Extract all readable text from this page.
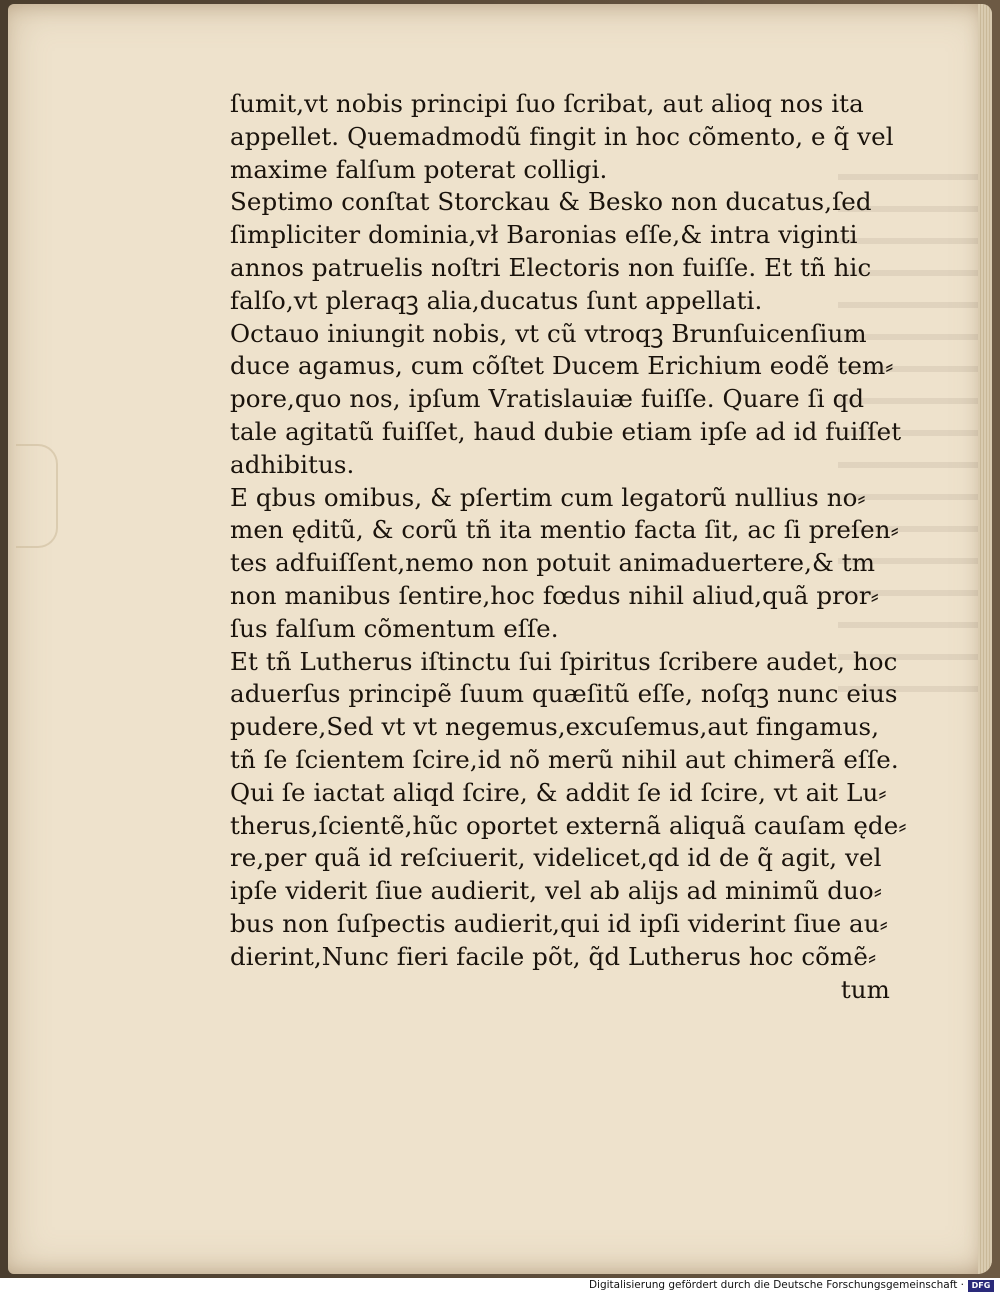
ſumit,vt nobis principi ſuo ſcribat, aut alioq nos ita
appellet. Quemadmodũ fingit in hoc cõmento, e q̃ vel
maxime falſum poterat colligi.
Septimo conſtat Storckau & Besko non ducatus,ſed
ſimpliciter dominia,vł Baronias eſſe,& intra viginti
annos patruelis noſtri Electoris non fuiſſe. Et tñ hic
falſo,vt pleraqꝫ alia,ducatus ſunt appellati.
Octauo iniungit nobis, vt cũ vtroqꝫ Brunſuicenſium
duce agamus, cum cõſtet Ducem Erichium eodẽ tem⸗
pore,quo nos, ipſum Vratislauiæ fuiſſe. Quare ſi qd
tale agitatũ fuiſſet, haud dubie etiam ipſe ad id fuiſſet
adhibitus.
E qbus omibus, & pſertim cum legatorũ nullius no⸗
men ęditũ, & corũ tñ ita mentio facta ſit, ac ſi preſen⸗
tes adfuiſſent,nemo non potuit animaduertere,& tm
non manibus ſentire,hoc fœdus nihil aliud,quã pror⸗
ſus falſum cõmentum eſſe.
Et tñ Lutherus iſtinctu ſui ſpiritus ſcribere audet, hoc
aduerſus principẽ ſuum quæſitũ eſſe, noſqꝫ nunc eius
pudere,Sed vt vt negemus,excuſemus,aut fingamus,
tñ ſe ſcientem ſcire,id nõ merũ nihil aut chimerã eſſe.
Qui ſe iactat aliqd ſcire, & addit ſe id ſcire, vt ait Lu⸗
therus,ſcientẽ,hũc oportet externã aliquã cauſam ęde⸗
re,per quã id reſciuerit, videlicet,qd id de q̃ agit, vel
ipſe viderit ſiue audierit, vel ab alijs ad minimũ duo⸗
bus non ſuſpectis audierit,qui id ipſi viderint ſiue au⸗
dierint,Nunc fieri facile põt, q̃d Lutherus hoc cõmẽ⸗
tum
Digitalisierung gefördert durch die Deutsche Forschungsgemeinschaft · DFG
